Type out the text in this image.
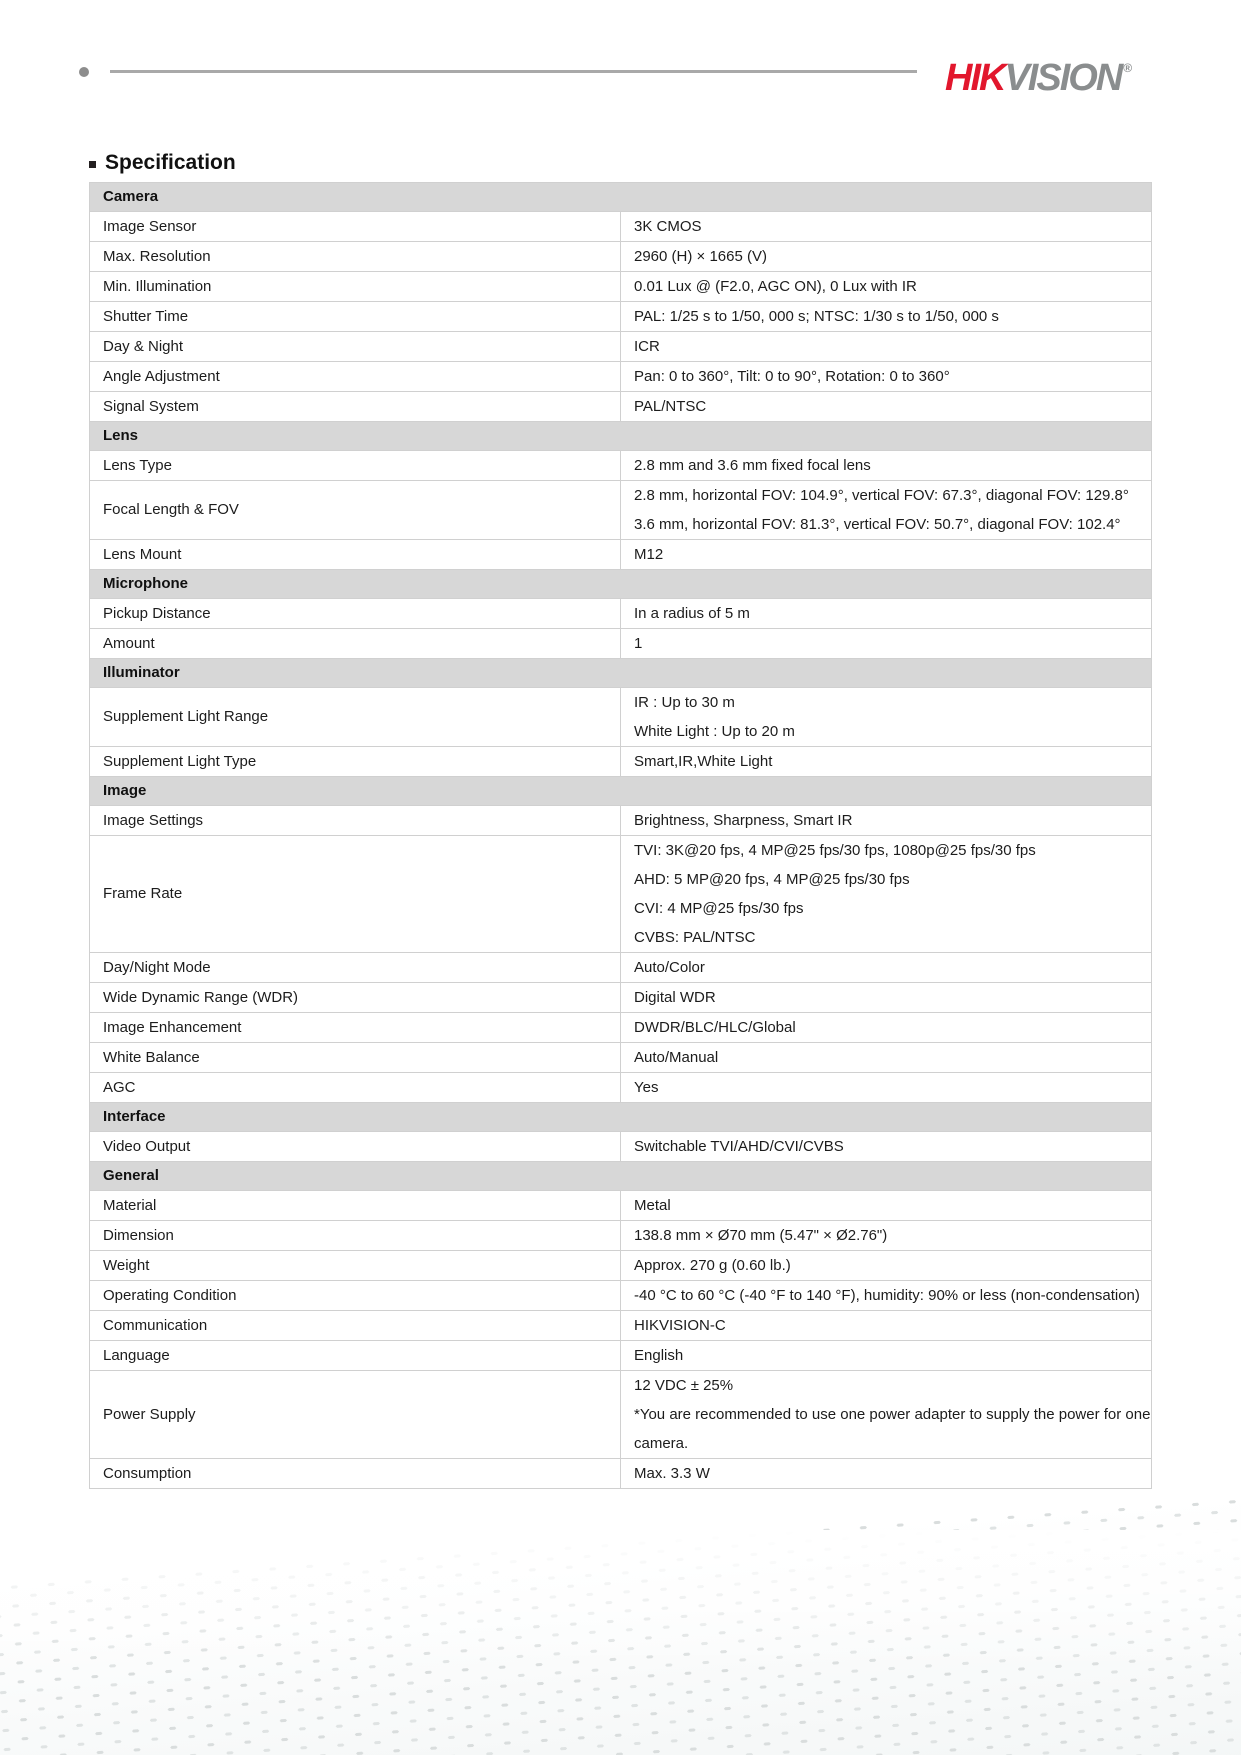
HIKVISION ®
Specification
Camera	
Image Sensor	3K CMOS

Max. Resolution	2960 (H) × 1665 (V)

Min. Illumination	0.01 Lux @ (F2.0, AGC ON), 0 Lux with IR

Shutter Time	PAL: 1/25 s to 1/50, 000 s; NTSC: 1/30 s to 1/50, 000 s

Day & Night	ICR

Angle Adjustment	Pan: 0 to 360°, Tilt: 0 to 90°, Rotation: 0 to 360°

Signal System	PAL/NTSC

Lens	
Lens Type	2.8 mm and 3.6 mm fixed focal lens

Focal Length & FOV	2.8 mm, horizontal FOV: 104.9°, vertical FOV: 67.3°, diagonal FOV: 129.8°
3.6 mm, horizontal FOV: 81.3°, vertical FOV: 50.7°, diagonal FOV: 102.4°

Lens Mount	M12

Microphone	
Pickup Distance	In a radius of 5 m

Amount	1

Illuminator	
Supplement Light Range	IR : Up to 30 m
White Light : Up to 20 m

Supplement Light Type	Smart,IR,White Light

Image	
Image Settings	Brightness, Sharpness, Smart IR

Frame Rate	TVI: 3K@20 fps, 4 MP@25 fps/30 fps, 1080p@25 fps/30 fps
AHD: 5 MP@20 fps, 4 MP@25 fps/30 fps
CVI: 4 MP@25 fps/30 fps
CVBS: PAL/NTSC

Day/Night Mode	Auto/Color

Wide Dynamic Range (WDR)	Digital WDR

Image Enhancement	DWDR/BLC/HLC/Global

White Balance	Auto/Manual

AGC	Yes

Interface	
Video Output	Switchable TVI/AHD/CVI/CVBS

General	
Material	Metal

Dimension	138.8 mm × Ø70 mm (5.47" × Ø2.76")

Weight	Approx. 270 g (0.60 lb.)

Operating Condition	-40 °C to 60 °C (-40 °F to 140 °F), humidity: 90% or less (non-condensation)

Communication	HIKVISION-C

Language	English

Power Supply	12 VDC ± 25%
*You are recommended to use one power adapter to supply the power for one
camera.

Consumption	Max. 3.3 W
